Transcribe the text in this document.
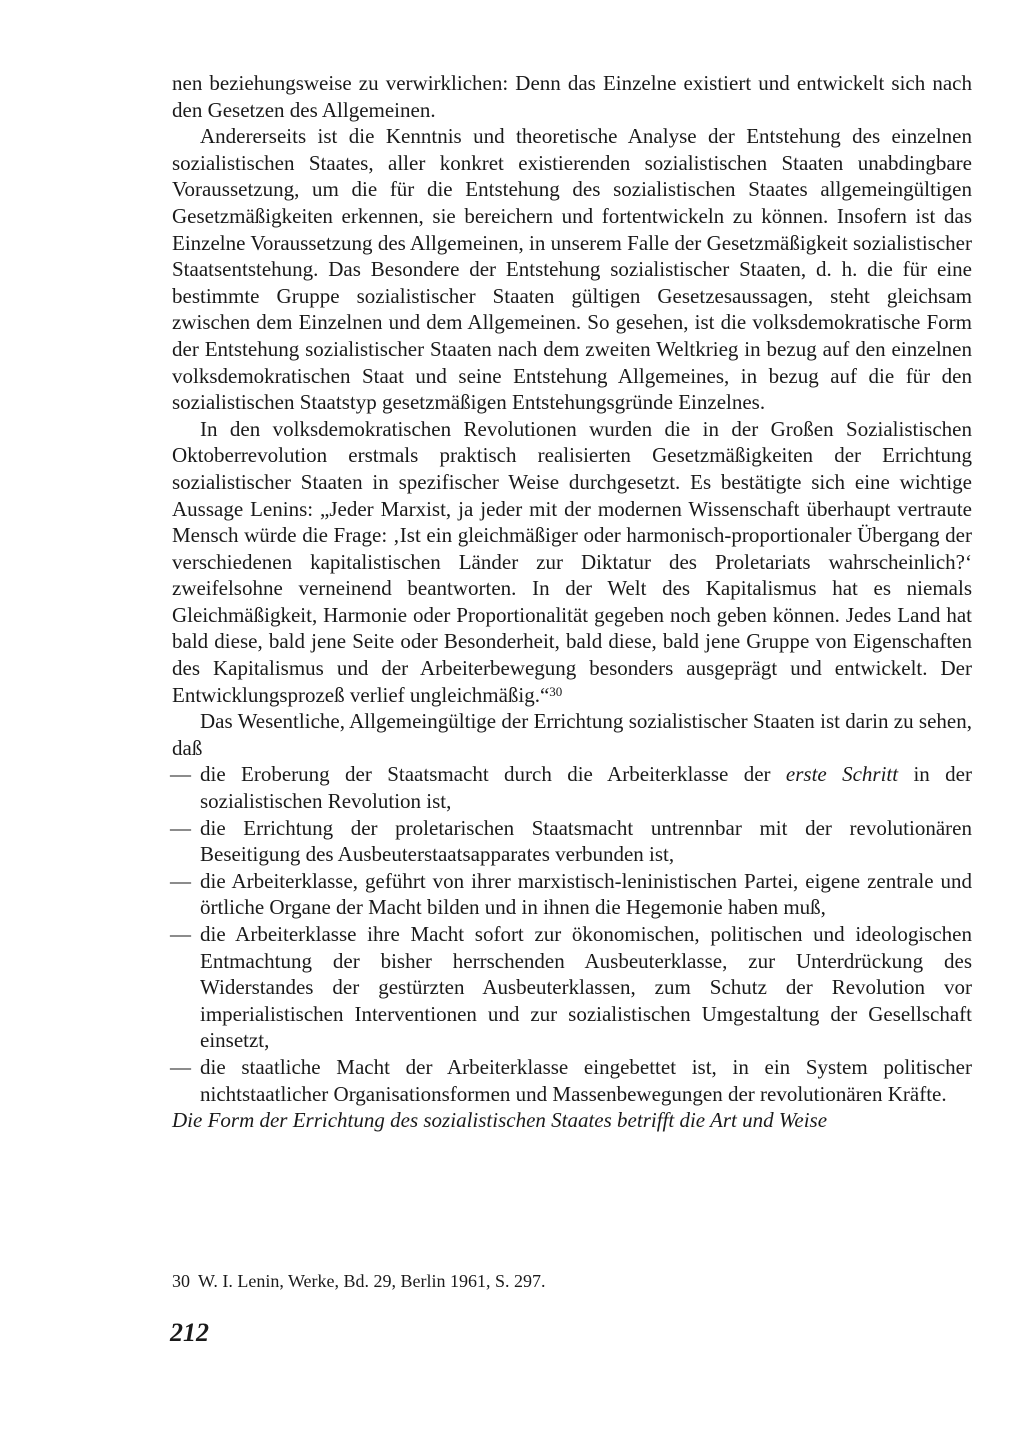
nen beziehungsweise zu verwirklichen: Denn das Einzelne existiert und entwickelt sich nach den Gesetzen des Allgemeinen.

Andererseits ist die Kenntnis und theoretische Analyse der Entstehung des einzelnen sozialistischen Staates, aller konkret existierenden sozialistischen Staaten unabdingbare Voraussetzung, um die für die Entstehung des sozialistischen Staates allgemeingültigen Gesetzmäßigkeiten erkennen, sie bereichern und fortentwickeln zu können. Insofern ist das Einzelne Voraussetzung des Allgemeinen, in unserem Falle der Gesetzmäßigkeit sozialistischer Staatsentstehung. Das Besondere der Entstehung sozialistischer Staaten, d. h. die für eine bestimmte Gruppe sozialistischer Staaten gültigen Gesetzesaussagen, steht gleichsam zwischen dem Einzelnen und dem Allgemeinen. So gesehen, ist die volksdemokratische Form der Entstehung sozialistischer Staaten nach dem zweiten Weltkrieg in bezug auf den einzelnen volksdemokratischen Staat und seine Entstehung Allgemeines, in bezug auf die für den sozialistischen Staatstyp gesetzmäßigen Entstehungsgründe Einzelnes.

In den volksdemokratischen Revolutionen wurden die in der Großen Sozialistischen Oktoberrevolution erstmals praktisch realisierten Gesetzmäßigkeiten der Errichtung sozialistischer Staaten in spezifischer Weise durchgesetzt. Es bestätigte sich eine wichtige Aussage Lenins: „Jeder Marxist, ja jeder mit der modernen Wissenschaft überhaupt vertraute Mensch würde die Frage: ‚Ist ein gleichmäßiger oder harmonisch-proportionaler Übergang der verschiedenen kapitalistischen Länder zur Diktatur des Proletariats wahrscheinlich?‘ zweifelsohne verneinend beantworten. In der Welt des Kapitalismus hat es niemals Gleichmäßigkeit, Harmonie oder Proportionalität gegeben noch geben können. Jedes Land hat bald diese, bald jene Seite oder Besonderheit, bald diese, bald jene Gruppe von Eigenschaften des Kapitalismus und der Arbeiterbewegung besonders ausgeprägt und entwickelt. Der Entwicklungsprozeß verlief ungleichmäßig.“$^{30}$

Das Wesentliche, Allgemeingültige der Errichtung sozialistischer Staaten ist darin zu sehen, daß

— die Eroberung der Staatsmacht durch die Arbeiterklasse der erste Schritt in der sozialistischen Revolution ist,
— die Errichtung der proletarischen Staatsmacht untrennbar mit der revolutionären Beseitigung des Ausbeuterstaatsapparates verbunden ist,
— die Arbeiterklasse, geführt von ihrer marxistisch-leninistischen Partei, eigene zentrale und örtliche Organe der Macht bilden und in ihnen die Hegemonie haben muß,
— die Arbeiterklasse ihre Macht sofort zur ökonomischen, politischen und ideologischen Entmachtung der bisher herrschenden Ausbeuterklasse, zur Unterdrückung des Widerstandes der gestürzten Ausbeuterklassen, zum Schutz der Revolution vor imperialistischen Interventionen und zur sozialistischen Umgestaltung der Gesellschaft einsetzt,
— die staatliche Macht der Arbeiterklasse eingebettet ist, in ein System politischer nichtstaatlicher Organisationsformen und Massenbewegungen der revolutionären Kräfte.

Die Form der Errichtung des sozialistischen Staates betrifft die Art und Weise

30 W. I. Lenin, Werke, Bd. 29, Berlin 1961, S. 297.
212
